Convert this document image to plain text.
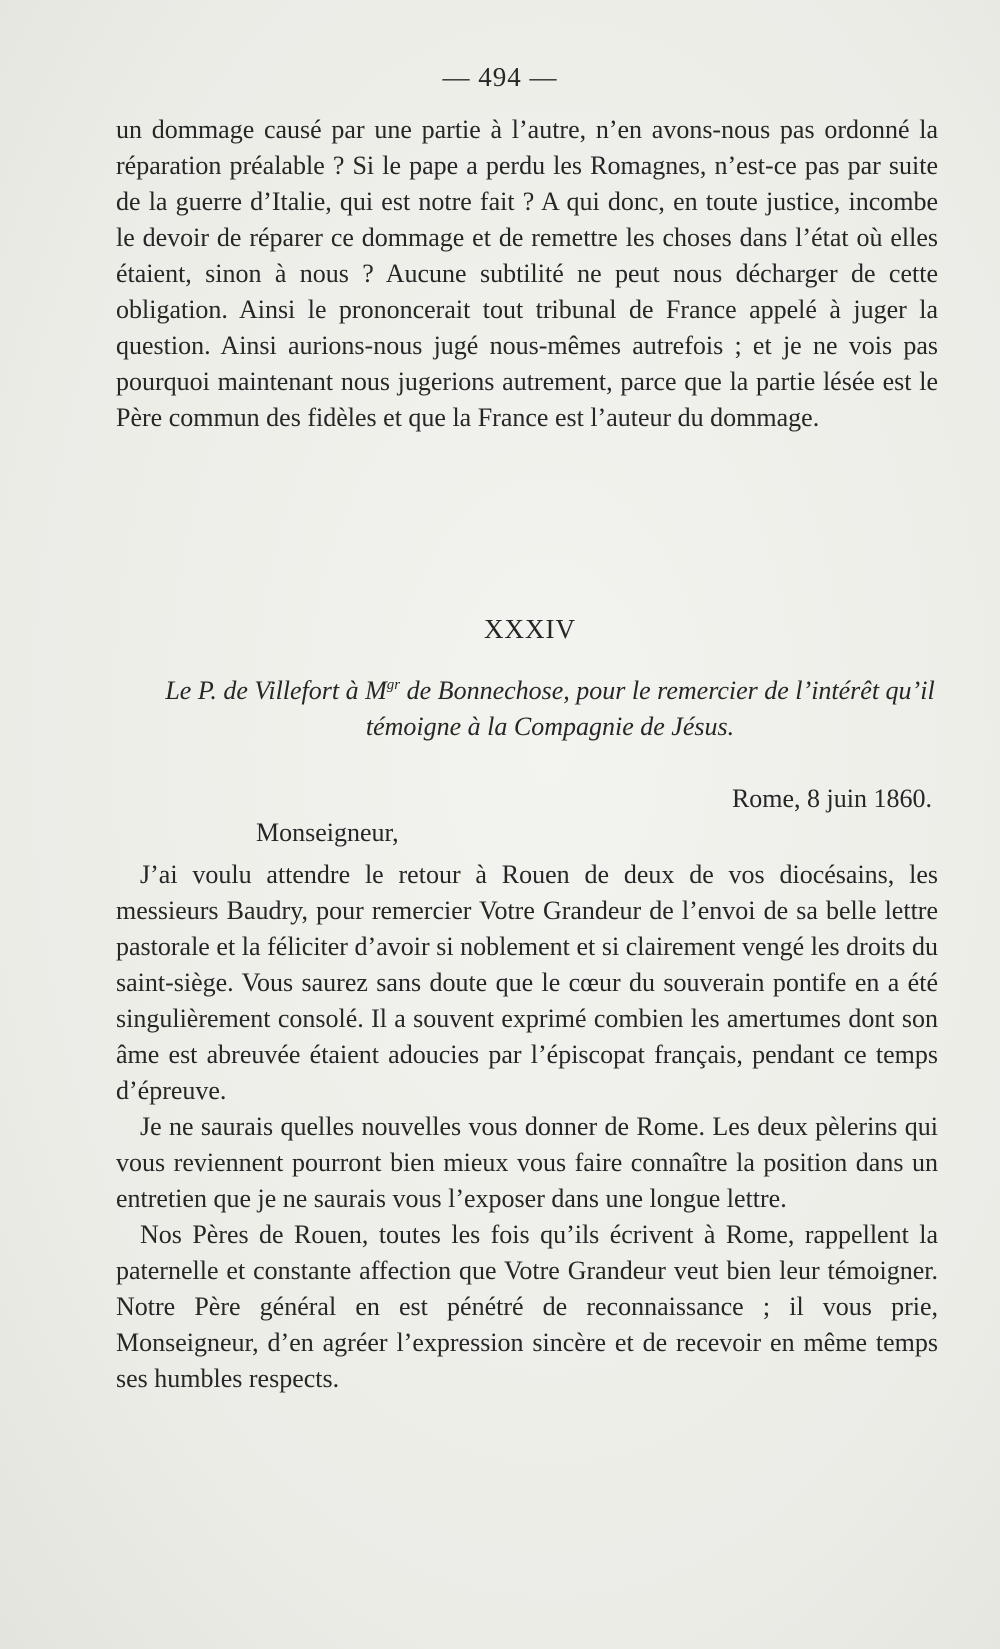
— 494 —

un dommage causé par une partie à l’autre, n’en avons-nous pas ordonné la réparation préalable ? Si le pape a perdu les Romagnes, n’est-ce pas par suite de la guerre d’Italie, qui est notre fait ? A qui donc, en toute justice, incombe le devoir de réparer ce dommage et de remettre les choses dans l’état où elles étaient, sinon à nous ? Aucune subtilité ne peut nous décharger de cette obligation. Ainsi le prononcerait tout tribunal de France appelé à juger la question. Ainsi aurions-nous jugé nous-mêmes autrefois ; et je ne vois pas pourquoi maintenant nous jugerions autrement, parce que la partie lésée est le Père commun des fidèles et que la France est l’auteur du dommage.

XXXIV
Le P. de Villefort à $M^{gr}$ de Bonnechose, pour le remercier de l’intérêt qu’il témoigne à la Compagnie de Jésus.
Rome, 8 juin 1860.
Monseigneur,

J’ai voulu attendre le retour à Rouen de deux de vos diocésains, les messieurs Baudry, pour remercier Votre Grandeur de l’envoi de sa belle lettre pastorale et la féliciter d’avoir si noblement et si clairement vengé les droits du saint-siège. Vous saurez sans doute que le cœur du souverain pontife en a été singulièrement consolé. Il a souvent exprimé combien les amertumes dont son âme est abreuvée étaient adoucies par l’épiscopat français, pendant ce temps d’épreuve.

Je ne saurais quelles nouvelles vous donner de Rome. Les deux pèlerins qui vous reviennent pourront bien mieux vous faire connaître la position dans un entretien que je ne saurais vous l’exposer dans une longue lettre.

Nos Pères de Rouen, toutes les fois qu’ils écrivent à Rome, rappellent la paternelle et constante affection que Votre Grandeur veut bien leur témoigner. Notre Père général en est pénétré de reconnaissance ; il vous prie, Monseigneur, d’en agréer l’expression sincère et de recevoir en même temps ses humbles respects.
